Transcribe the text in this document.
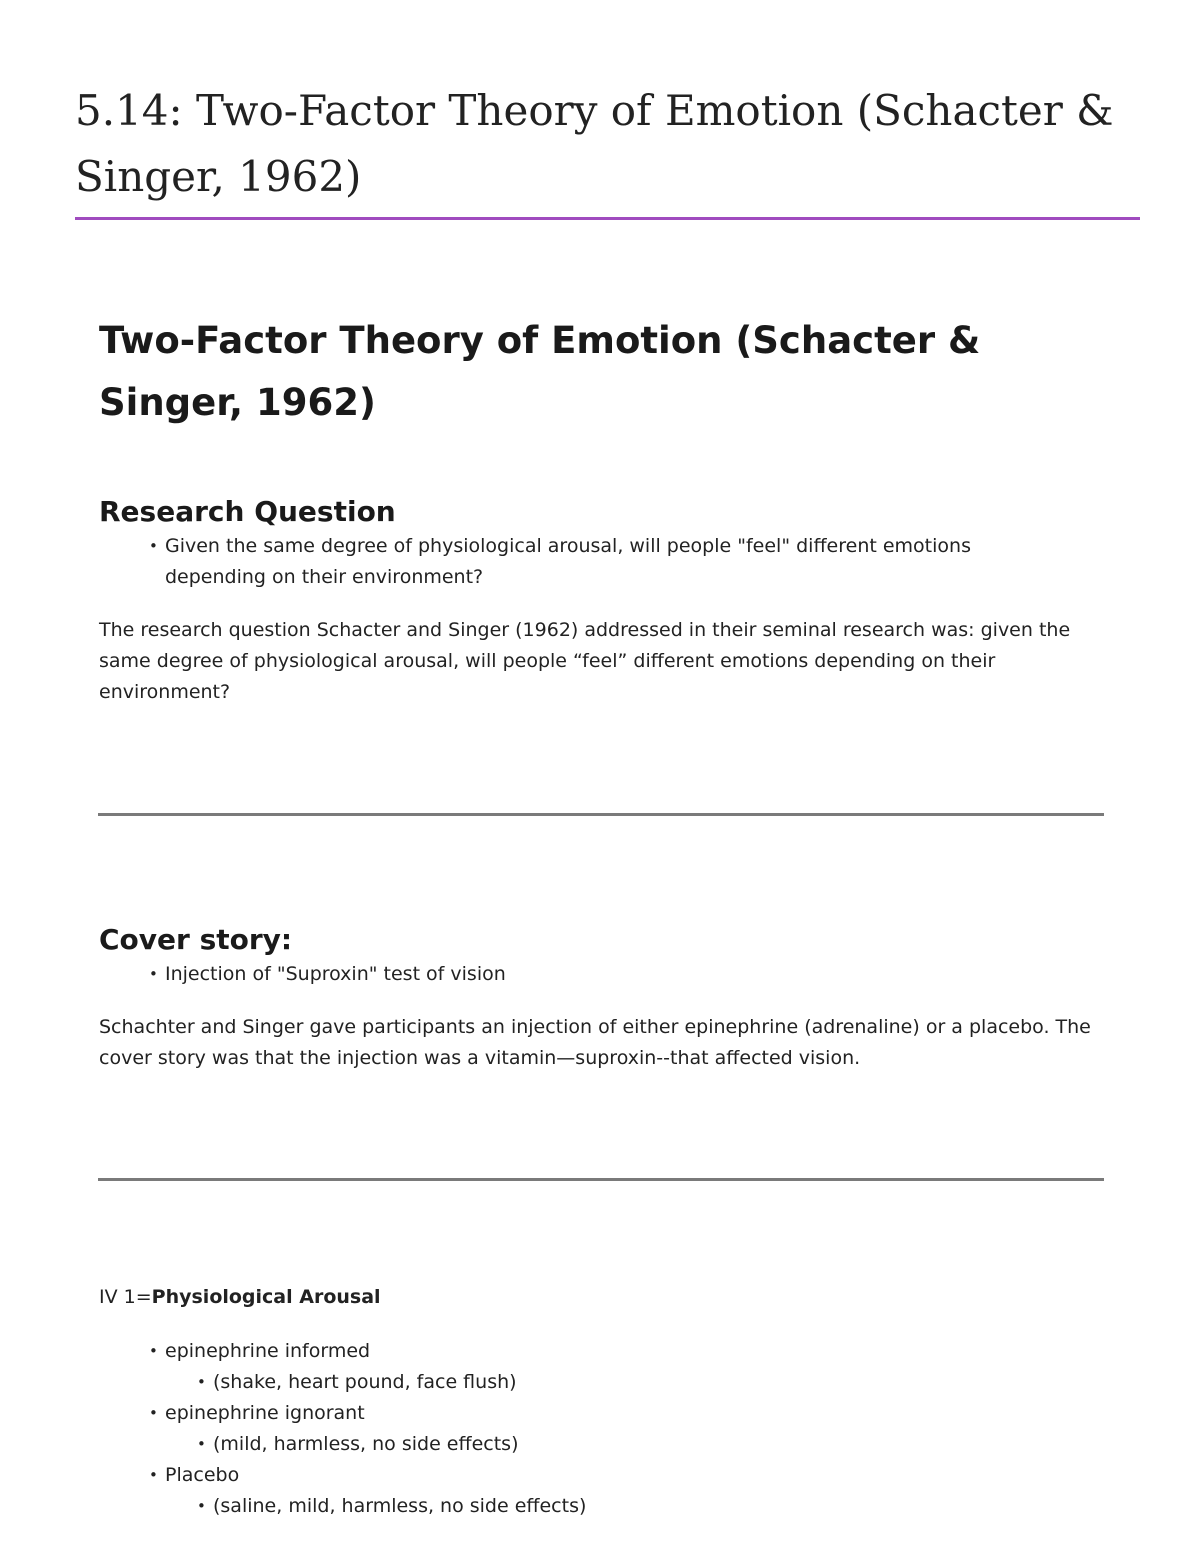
5.14: Two-Factor Theory of Emotion (Schacter & Singer, 1962)
Two-Factor Theory of Emotion (Schacter & Singer, 1962)
Research Question
• Given the same degree of physiological arousal, will people "feel" different emotions depending on their environment?

The research question Schacter and Singer (1962) addressed in their seminal research was: given the same degree of physiological arousal, will people “feel” different emotions depending on their environment?

Cover story:
• Injection of "Suproxin" test of vision

Schachter and Singer gave participants an injection of either epinephrine (adrenaline) or a placebo. The cover story was that the injection was a vitamin—suproxin--that affected vision.

IV 1=Physiological Arousal

• epinephrine informed
• (shake, heart pound, face flush)
• epinephrine ignorant
• (mild, harmless, no side effects)
• Placebo
• (saline, mild, harmless, no side effects)
